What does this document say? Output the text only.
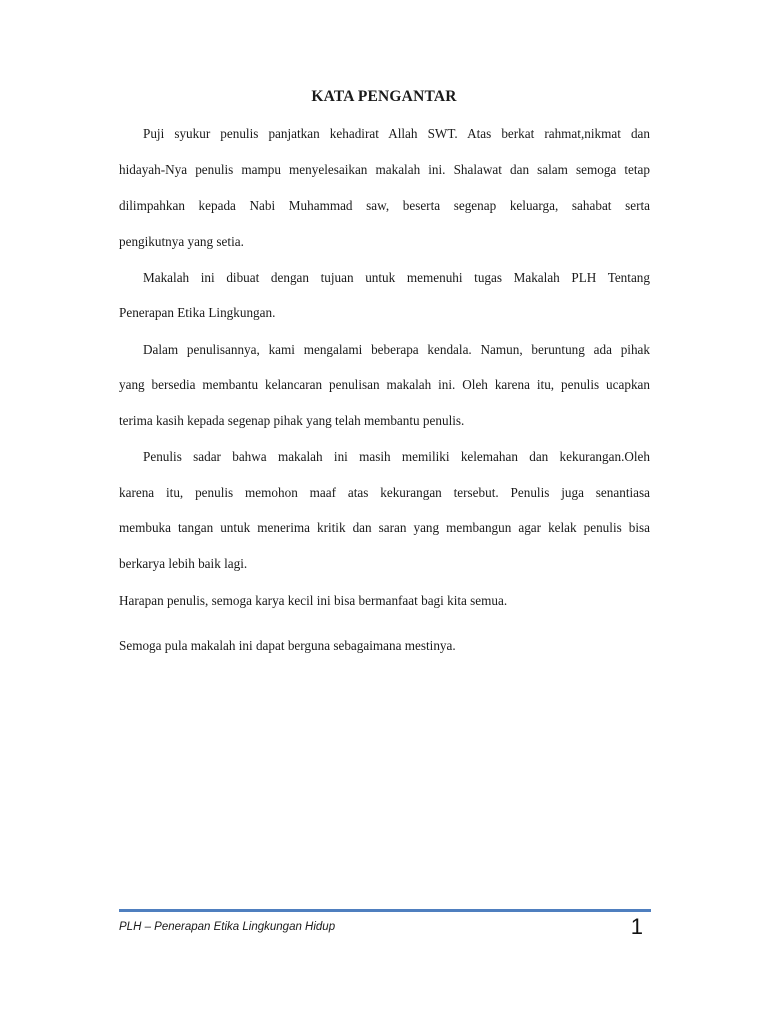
KATA PENGANTAR
Puji syukur penulis panjatkan kehadirat Allah SWT. Atas berkat rahmat,nikmat dan
hidayah-Nya penulis mampu menyelesaikan makalah ini. Shalawat dan salam semoga tetap
dilimpahkan kepada Nabi Muhammad saw, beserta segenap keluarga, sahabat serta
pengikutnya yang setia.
Makalah ini dibuat dengan tujuan untuk memenuhi tugas Makalah PLH Tentang
Penerapan Etika Lingkungan.
Dalam penulisannya, kami mengalami beberapa kendala. Namun, beruntung ada pihak
yang bersedia membantu kelancaran penulisan makalah ini. Oleh karena itu, penulis ucapkan
terima kasih kepada segenap pihak yang telah membantu penulis.
Penulis sadar bahwa makalah ini masih memiliki kelemahan dan kekurangan.Oleh
karena itu, penulis memohon maaf atas kekurangan tersebut. Penulis juga senantiasa
membuka tangan untuk menerima kritik dan saran yang membangun agar kelak penulis bisa
berkarya lebih baik lagi.
Harapan penulis, semoga karya kecil ini bisa bermanfaat bagi kita semua.
Semoga pula makalah ini dapat berguna sebagaimana mestinya.
PLH – Penerapan Etika Lingkungan Hidup	1
